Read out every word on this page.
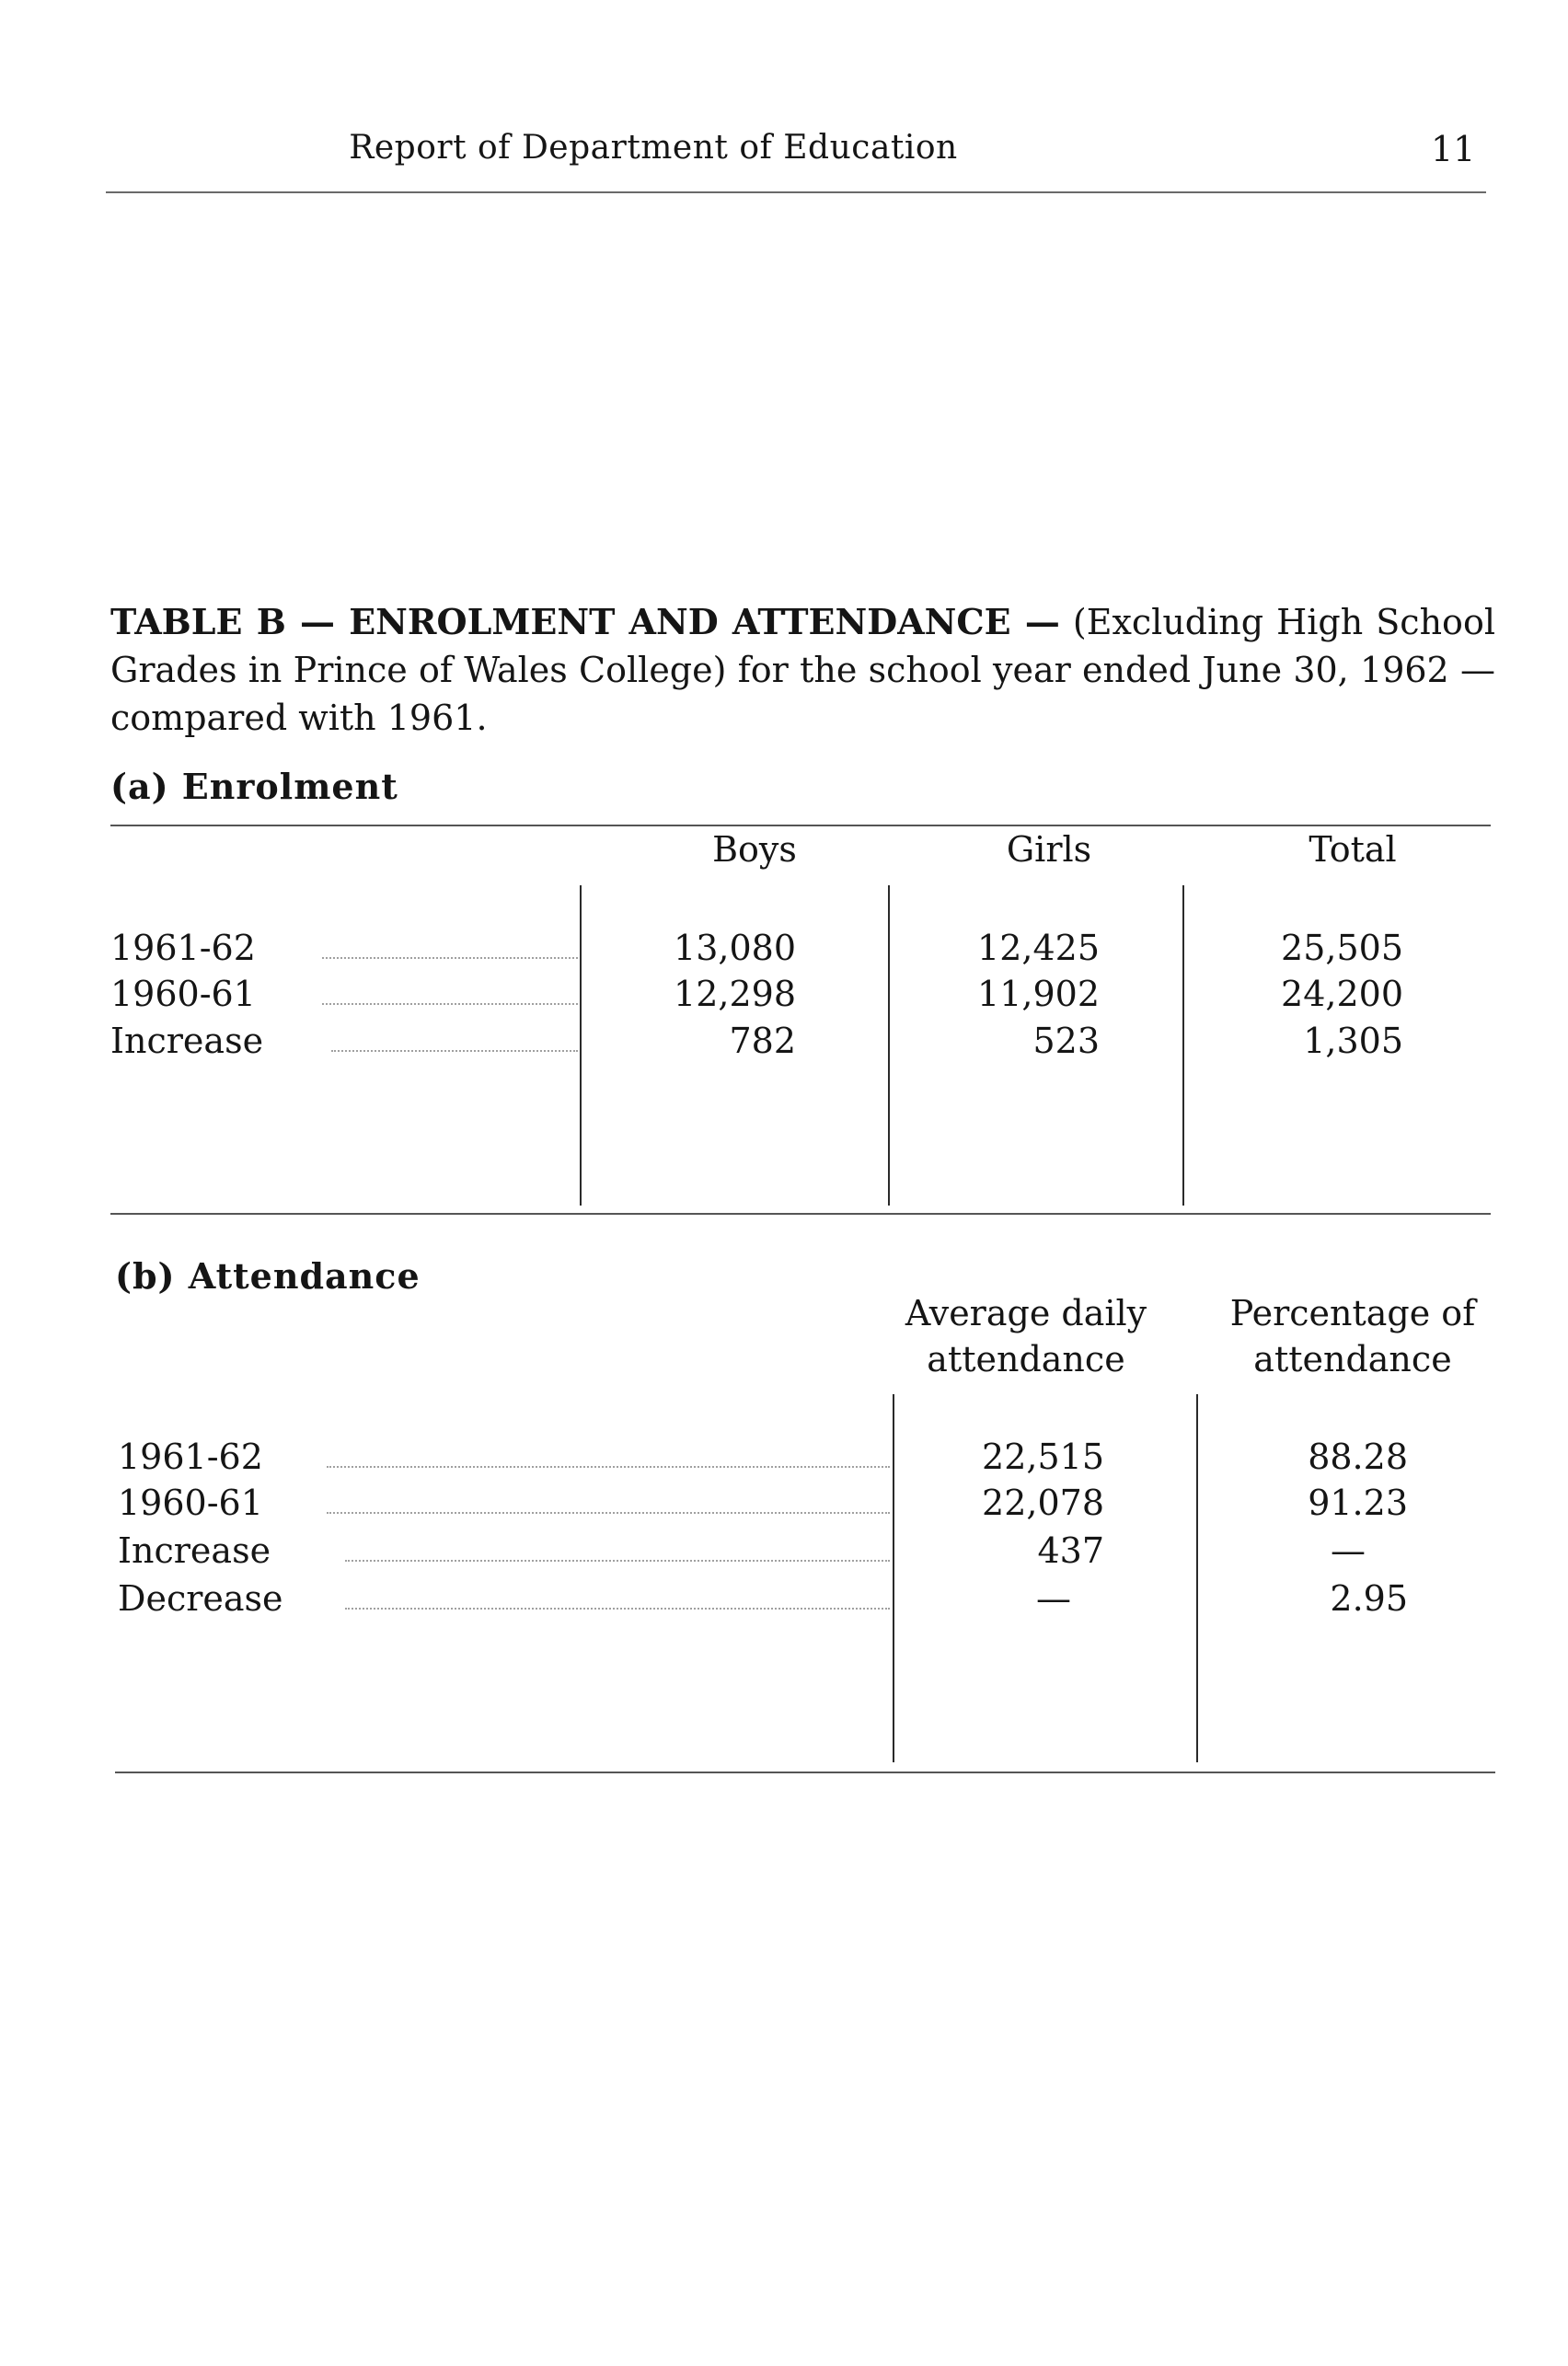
Report of Department of Education	11
TABLE B — ENROLMENT AND ATTENDANCE — (Excluding High School Grades in Prince of Wales College) for the school year ended June 30, 1962 — compared with 1961.
(a) Enrolment
Boys	Girls	Total
1961-62	13,080	12,425	25,505
1960-61	12,298	11,902	24,200
Increase	782	523	1,305
(b) Attendance
Average daily
attendance
Percentage of
attendance
1961-62	22,515	88.28
1960-61	22,078	91.23
Increase	437	—
Decrease	—	2.95
